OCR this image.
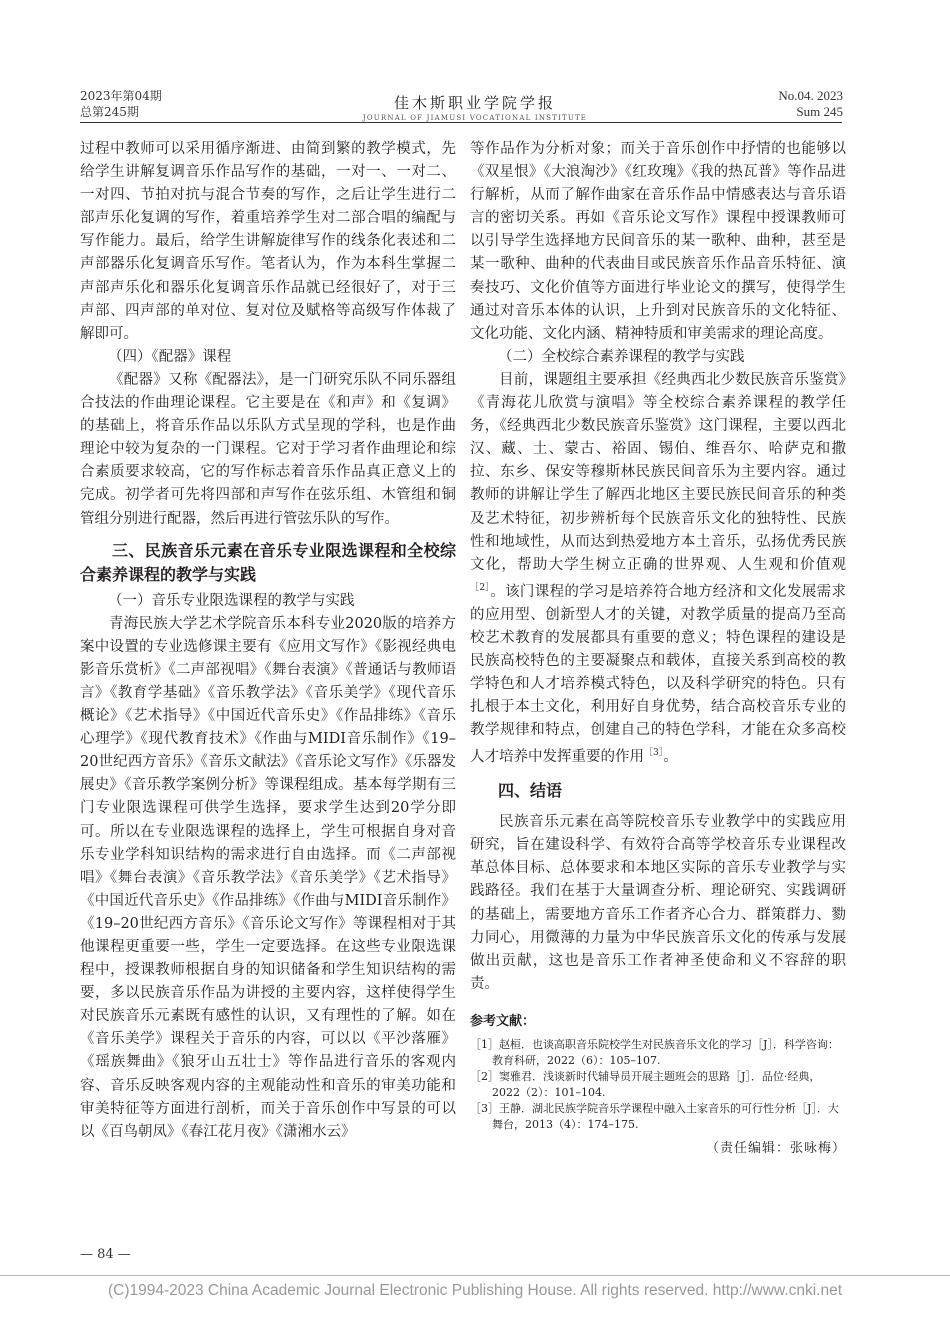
2023年第04期
总第245期	佳木斯职业学院学报
JOURNAL OF JIAMUSI VOCATIONAL INSTITUTE
No.04. 2023
Sum 245

过程中教师可以采用循序渐进、由简到繁的教学模式，先给学生讲解复调音乐作品写作的基础，一对一、一对二、一对四、节拍对抗与混合节奏的写作，之后让学生进行二部声乐化复调的写作，着重培养学生对二部合唱的编配与写作能力。最后，给学生讲解旋律写作的线条化表述和二声部器乐化复调音乐写作。笔者认为，作为本科生掌握二声部声乐化和器乐化复调音乐作品就已经很好了，对于三声部、四声部的单对位、复对位及赋格等高级写作体裁了解即可。

（四）《配器》课程

《配器》又称《配器法》，是一门研究乐队不同乐器组合技法的作曲理论课程。它主要是在《和声》和《复调》的基础上，将音乐作品以乐队方式呈现的学科，也是作曲理论中较为复杂的一门课程。它对于学习者作曲理论和综合素质要求较高，它的写作标志着音乐作品真正意义上的完成。初学者可先将四部和声写作在弦乐组、木管组和铜管组分别进行配器，然后再进行管弦乐队的写作。

三、民族音乐元素在音乐专业限选课程和全校综合素养课程的教学与实践

（一）音乐专业限选课程的教学与实践

青海民族大学艺术学院音乐本科专业2020版的培养方案中设置的专业选修课主要有《应用文写作》《影视经典电影音乐赏析》《二声部视唱》《舞台表演》《普通话与教师语言》《教育学基础》《音乐教学法》《音乐美学》《现代音乐概论》《艺术指导》《中国近代音乐史》《作品排练》《音乐心理学》《现代教育技术》《作曲与MIDI音乐制作》《19–20世纪西方音乐》《音乐文献法》《音乐论文写作》《乐器发展史》《音乐教学案例分析》等课程组成。基本每学期有三门专业限选课程可供学生选择，要求学生达到20学分即可。所以在专业限选课程的选择上，学生可根据自身对音乐专业学科知识结构的需求进行自由选择。而《二声部视唱》《舞台表演》《音乐教学法》《音乐美学》《艺术指导》《中国近代音乐史》《作品排练》《作曲与MIDI音乐制作》《19–20世纪西方音乐》《音乐论文写作》等课程相对于其他课程更重要一些，学生一定要选择。在这些专业限选课程中，授课教师根据自身的知识储备和学生知识结构的需要，多以民族音乐作品为讲授的主要内容，这样使得学生对民族音乐元素既有感性的认识，又有理性的了解。如在《音乐美学》课程关于音乐的内容，可以以《平沙落雁》《瑶族舞曲》《狼牙山五壮士》等作品进行音乐的客观内容、音乐反映客观内容的主观能动性和音乐的审美功能和审美特征等方面进行剖析，而关于音乐创作中写景的可以以《百鸟朝凤》《春江花月夜》《潇湘水云》

等作品作为分析对象；而关于音乐创作中抒情的也能够以《双星恨》《大浪淘沙》《红玫瑰》《我的热瓦普》等作品进行解析，从而了解作曲家在音乐作品中情感表达与音乐语言的密切关系。再如《音乐论文写作》课程中授课教师可以引导学生选择地方民间音乐的某一歌种、曲种，甚至是某一歌种、曲种的代表曲目或民族音乐作品音乐特征、演奏技巧、文化价值等方面进行毕业论文的撰写，使得学生通过对音乐本体的认识，上升到对民族音乐的文化特征、文化功能、文化内涵、精神特质和审美需求的理论高度。

（二）全校综合素养课程的教学与实践

目前，课题组主要承担《经典西北少数民族音乐鉴赏》《青海花儿欣赏与演唱》等全校综合素养课程的教学任务，《经典西北少数民族音乐鉴赏》这门课程，主要以西北汉、藏、土、蒙古、裕固、锡伯、维吾尔、哈萨克和撒拉、东乡、保安等穆斯林民族民间音乐为主要内容。通过教师的讲解让学生了解西北地区主要民族民间音乐的种类及艺术特征，初步辨析每个民族音乐文化的独特性、民族性和地域性，从而达到热爱地方本土音乐，弘扬优秀民族文化，帮助大学生树立正确的世界观、人生观和价值观$^{[2]}$。该门课程的学习是培养符合地方经济和文化发展需求的应用型、创新型人才的关键，对教学质量的提高乃至高校艺术教育的发展都具有重要的意义；特色课程的建设是民族高校特色的主要凝聚点和载体，直接关系到高校的教学特色和人才培养模式特色，以及科学研究的特色。只有扎根于本土文化，利用好自身优势，结合高校音乐专业的教学规律和特点，创建自己的特色学科，才能在众多高校人才培养中发挥重要的作用$^{[3]}$。

四、结语

民族音乐元素在高等院校音乐专业教学中的实践应用研究，旨在建设科学、有效符合高等学校音乐专业课程改革总体目标、总体要求和本地区实际的音乐专业教学与实践路径。我们在基于大量调查分析、理论研究、实践调研的基础上，需要地方音乐工作者齐心合力、群策群力、勠力同心，用微薄的力量为中华民族音乐文化的传承与发展做出贡献，这也是音乐工作者神圣使命和义不容辞的职责。

参考文献：
［1］赵桓．也谈高职音乐院校学生对民族音乐文化的学习［J］．科学咨询：教育科研，2022（6）：105–107.
［2］窦雅君．浅谈新时代辅导员开展主题班会的思路［J］．品位·经典，2022（2）：101–104.
［3］王静．湖北民族学院音乐学课程中融入土家音乐的可行性分析［J］．大舞台，2013（4）：174–175.
（责任编辑：张咏梅）
— 84 —
(C)1994-2023 China Academic Journal Electronic Publishing House. All rights reserved. http://www.cnki.net
